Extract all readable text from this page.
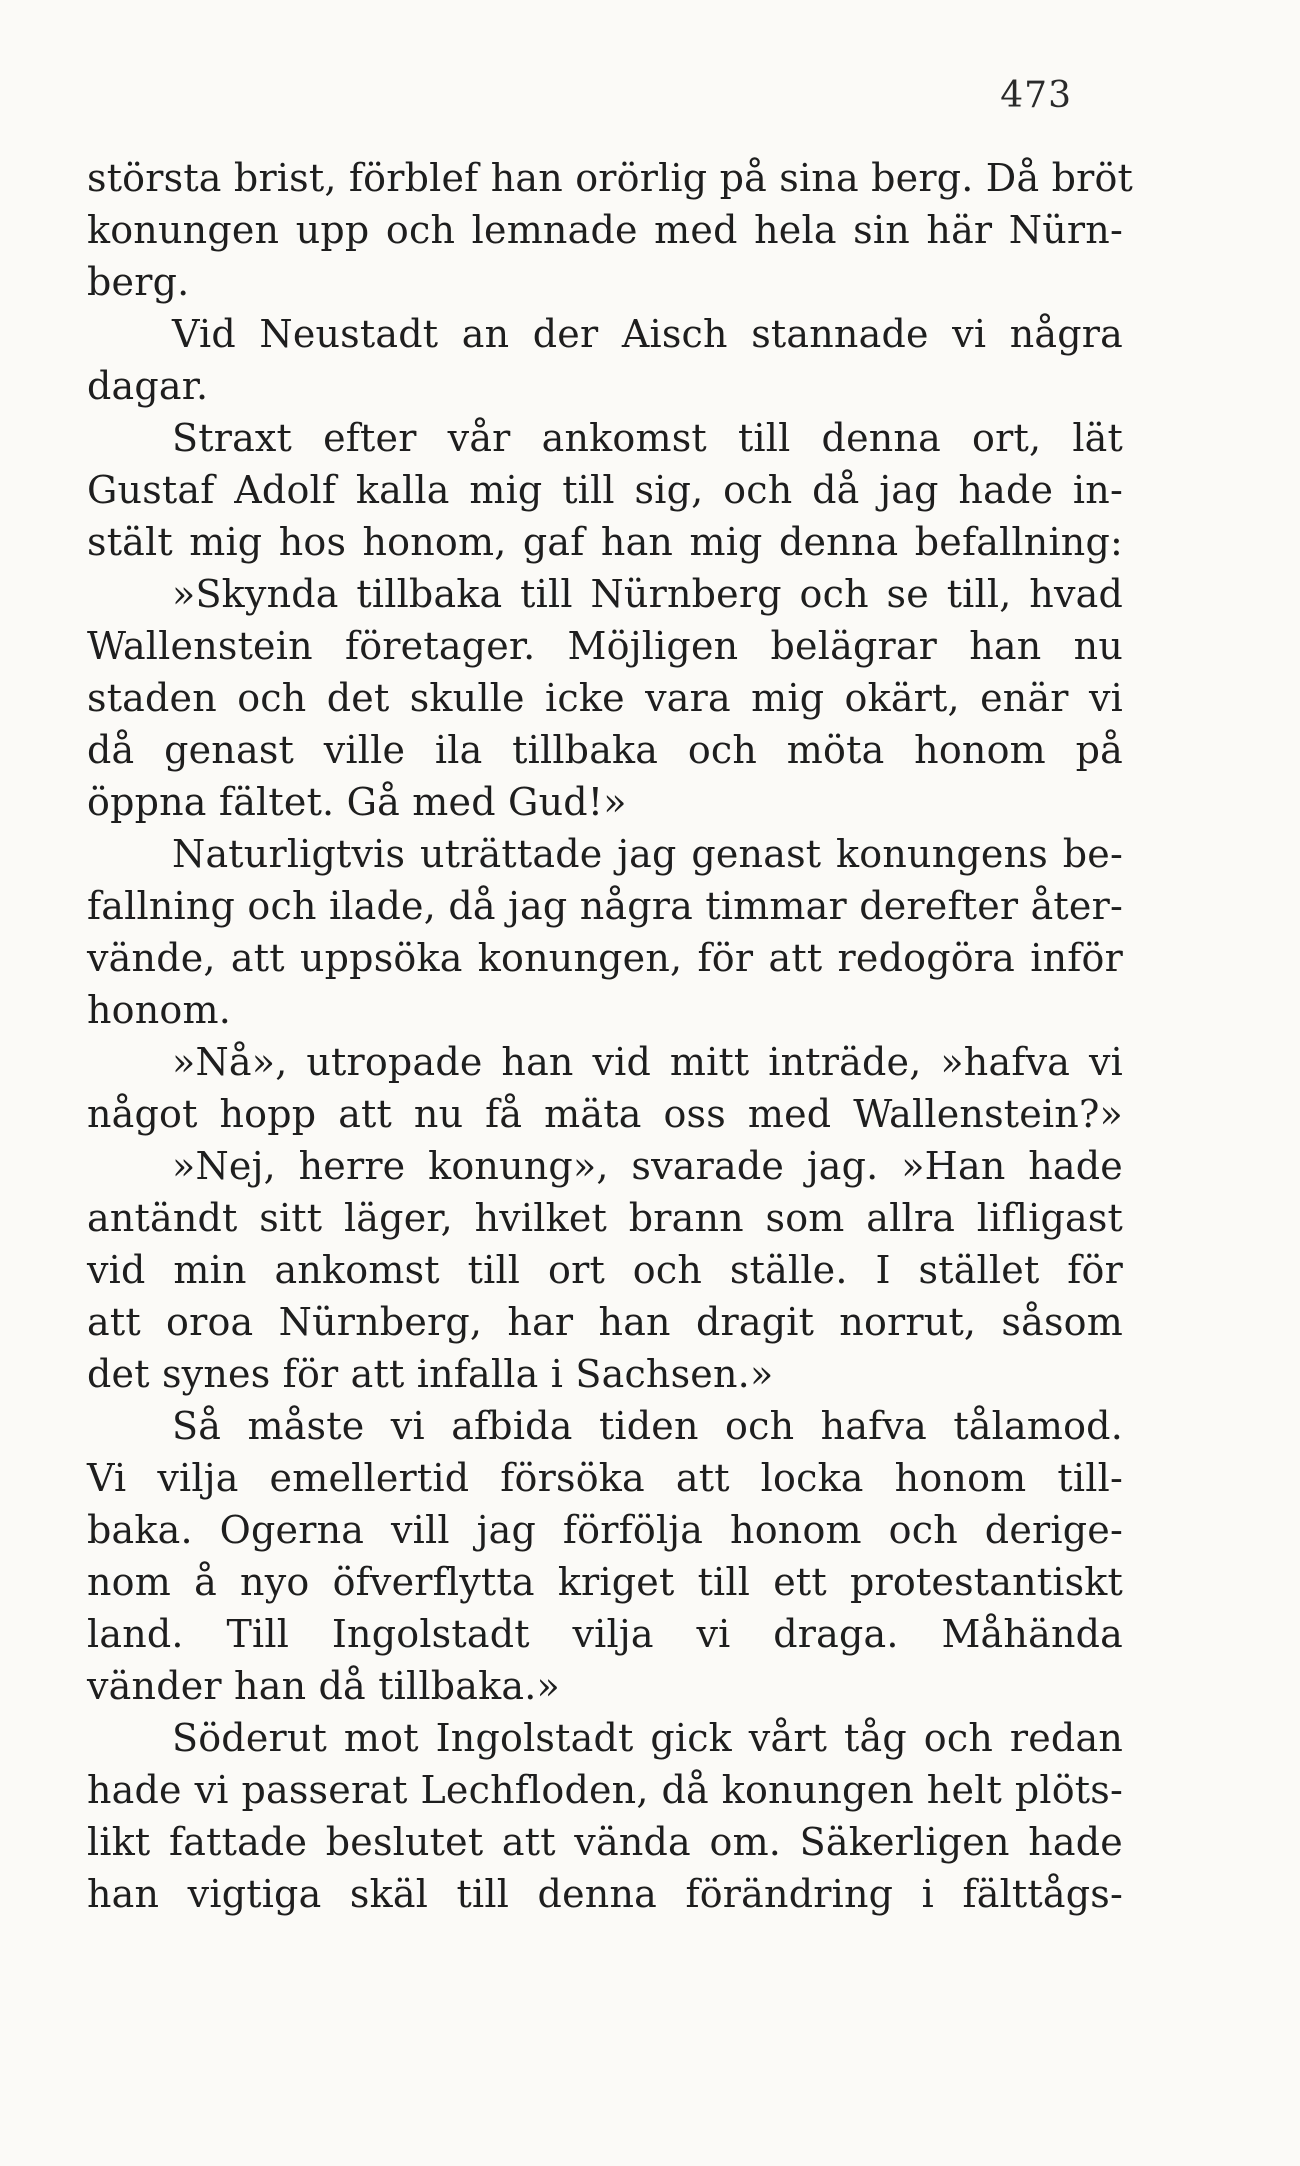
473
största brist, förblef han orörlig på sina berg. Då bröt
konungen upp och lemnade med hela sin här Nürn-
berg.
Vid Neustadt an der Aisch stannade vi några
dagar.
Straxt efter vår ankomst till denna ort, lät
Gustaf Adolf kalla mig till sig, och då jag hade in-
stält mig hos honom, gaf han mig denna befallning:
»Skynda tillbaka till Nürnberg och se till, hvad
Wallenstein företager. Möjligen belägrar han nu
staden och det skulle icke vara mig okärt, enär vi
då genast ville ila tillbaka och möta honom på
öppna fältet. Gå med Gud!»
Naturligtvis uträttade jag genast konungens be-
fallning och ilade, då jag några timmar derefter åter-
vände, att uppsöka konungen, för att redogöra inför
honom.
»Nå», utropade han vid mitt inträde, »hafva vi
något hopp att nu få mäta oss med Wallenstein?»
»Nej, herre konung», svarade jag. »Han hade
antändt sitt läger, hvilket brann som allra lifligast
vid min ankomst till ort och ställe. I stället för
att oroa Nürnberg, har han dragit norrut, såsom
det synes för att infalla i Sachsen.»
Så måste vi afbida tiden och hafva tålamod.
Vi vilja emellertid försöka att locka honom till-
baka. Ogerna vill jag förfölja honom och derige-
nom å nyo öfverflytta kriget till ett protestantiskt
land. Till Ingolstadt vilja vi draga. Måhända
vänder han då tillbaka.»
Söderut mot Ingolstadt gick vårt tåg och redan
hade vi passerat Lechfloden, då konungen helt plöts-
likt fattade beslutet att vända om. Säkerligen hade
han vigtiga skäl till denna förändring i fälttågs-
